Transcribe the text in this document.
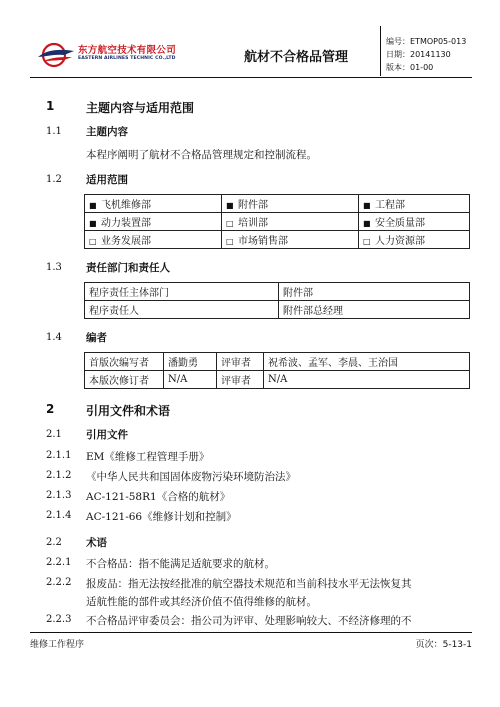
东方航空技术有限公司
EASTERN AIRLINES TECHNIC CO.,LTD	航材不合格品管理
编号：ETMOP05-013
日期：20141130
版本：01-00
1	主题内容与适用范围
1.1 主题内容
本程序阐明了航材不合格品管理规定和控制流程。
1.2 适用范围
■ 飞机维修部	■ 附件部	■ 工程部
■ 动力装置部	□ 培训部	■ 安全质量部
□ 业务发展部	□ 市场销售部	□ 人力资源部
1.3 责任部门和责任人
程序责任主体部门	附件部
程序责任人	附件部总经理
1.4 编者
首版次编写者	潘勤勇	评审者	祝希波、孟军、李晨、王治国
本版次修订者	N/A	评审者	N/A
2	引用文件和术语
2.1 引用文件
2.1.1 EM《维修工程管理手册》
2.1.2 《中华人民共和国固体废物污染环境防治法》
2.1.3 AC-121-58R1《合格的航材》
2.1.4 AC-121-66《维修计划和控制》
2.2 术语
2.2.1 不合格品：指不能满足适航要求的航材。
2.2.2 报废品：指无法按经批准的航空器技术规范和当前科技水平无法恢复其
适航性能的部件或其经济价值不值得维修的航材。
2.2.3 不合格品评审委员会：指公司为评审、处理影响较大、不经济修理的不
维修工作程序	页次：5-13-1
